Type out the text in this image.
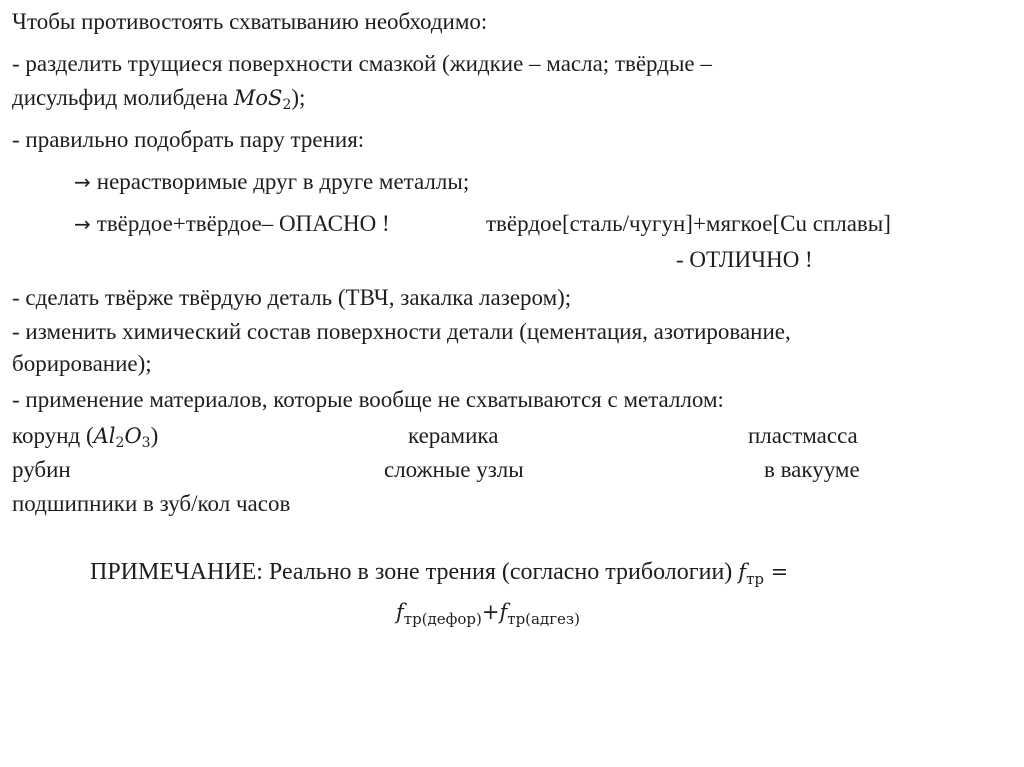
Чтобы противостоять схватыванию необходимо:
- разделить трущиеся поверхности смазкой (жидкие – масла; твёрдые –
дисульфид молибдена MoS$_2$);
- правильно подобрать пару трения:
→ нерастворимые друг в друге металлы;
→ твёрдое+твёрдое– ОПАСНО !	твёрдое[сталь/чугун]+мягкое[Cu сплавы]
- ОТЛИЧНО !
- сделать твёрже твёрдую деталь (ТВЧ, закалка лазером);
- изменить химический состав поверхности детали (цементация, азотирование,
борирование);
- применение материалов, которые вообще не схватываются с металлом:
корунд $(Al_2O_3)$	керамика	пластмасса
рубин	сложные узлы	в вакууме
подшипники в зуб/кол часов
ПРИМЕЧАНИЕ: Реально в зоне трения (согласно трибологии) $f_{тр}$ =
$f_{тр(дефор)}+f_{тр(адгез)}$
